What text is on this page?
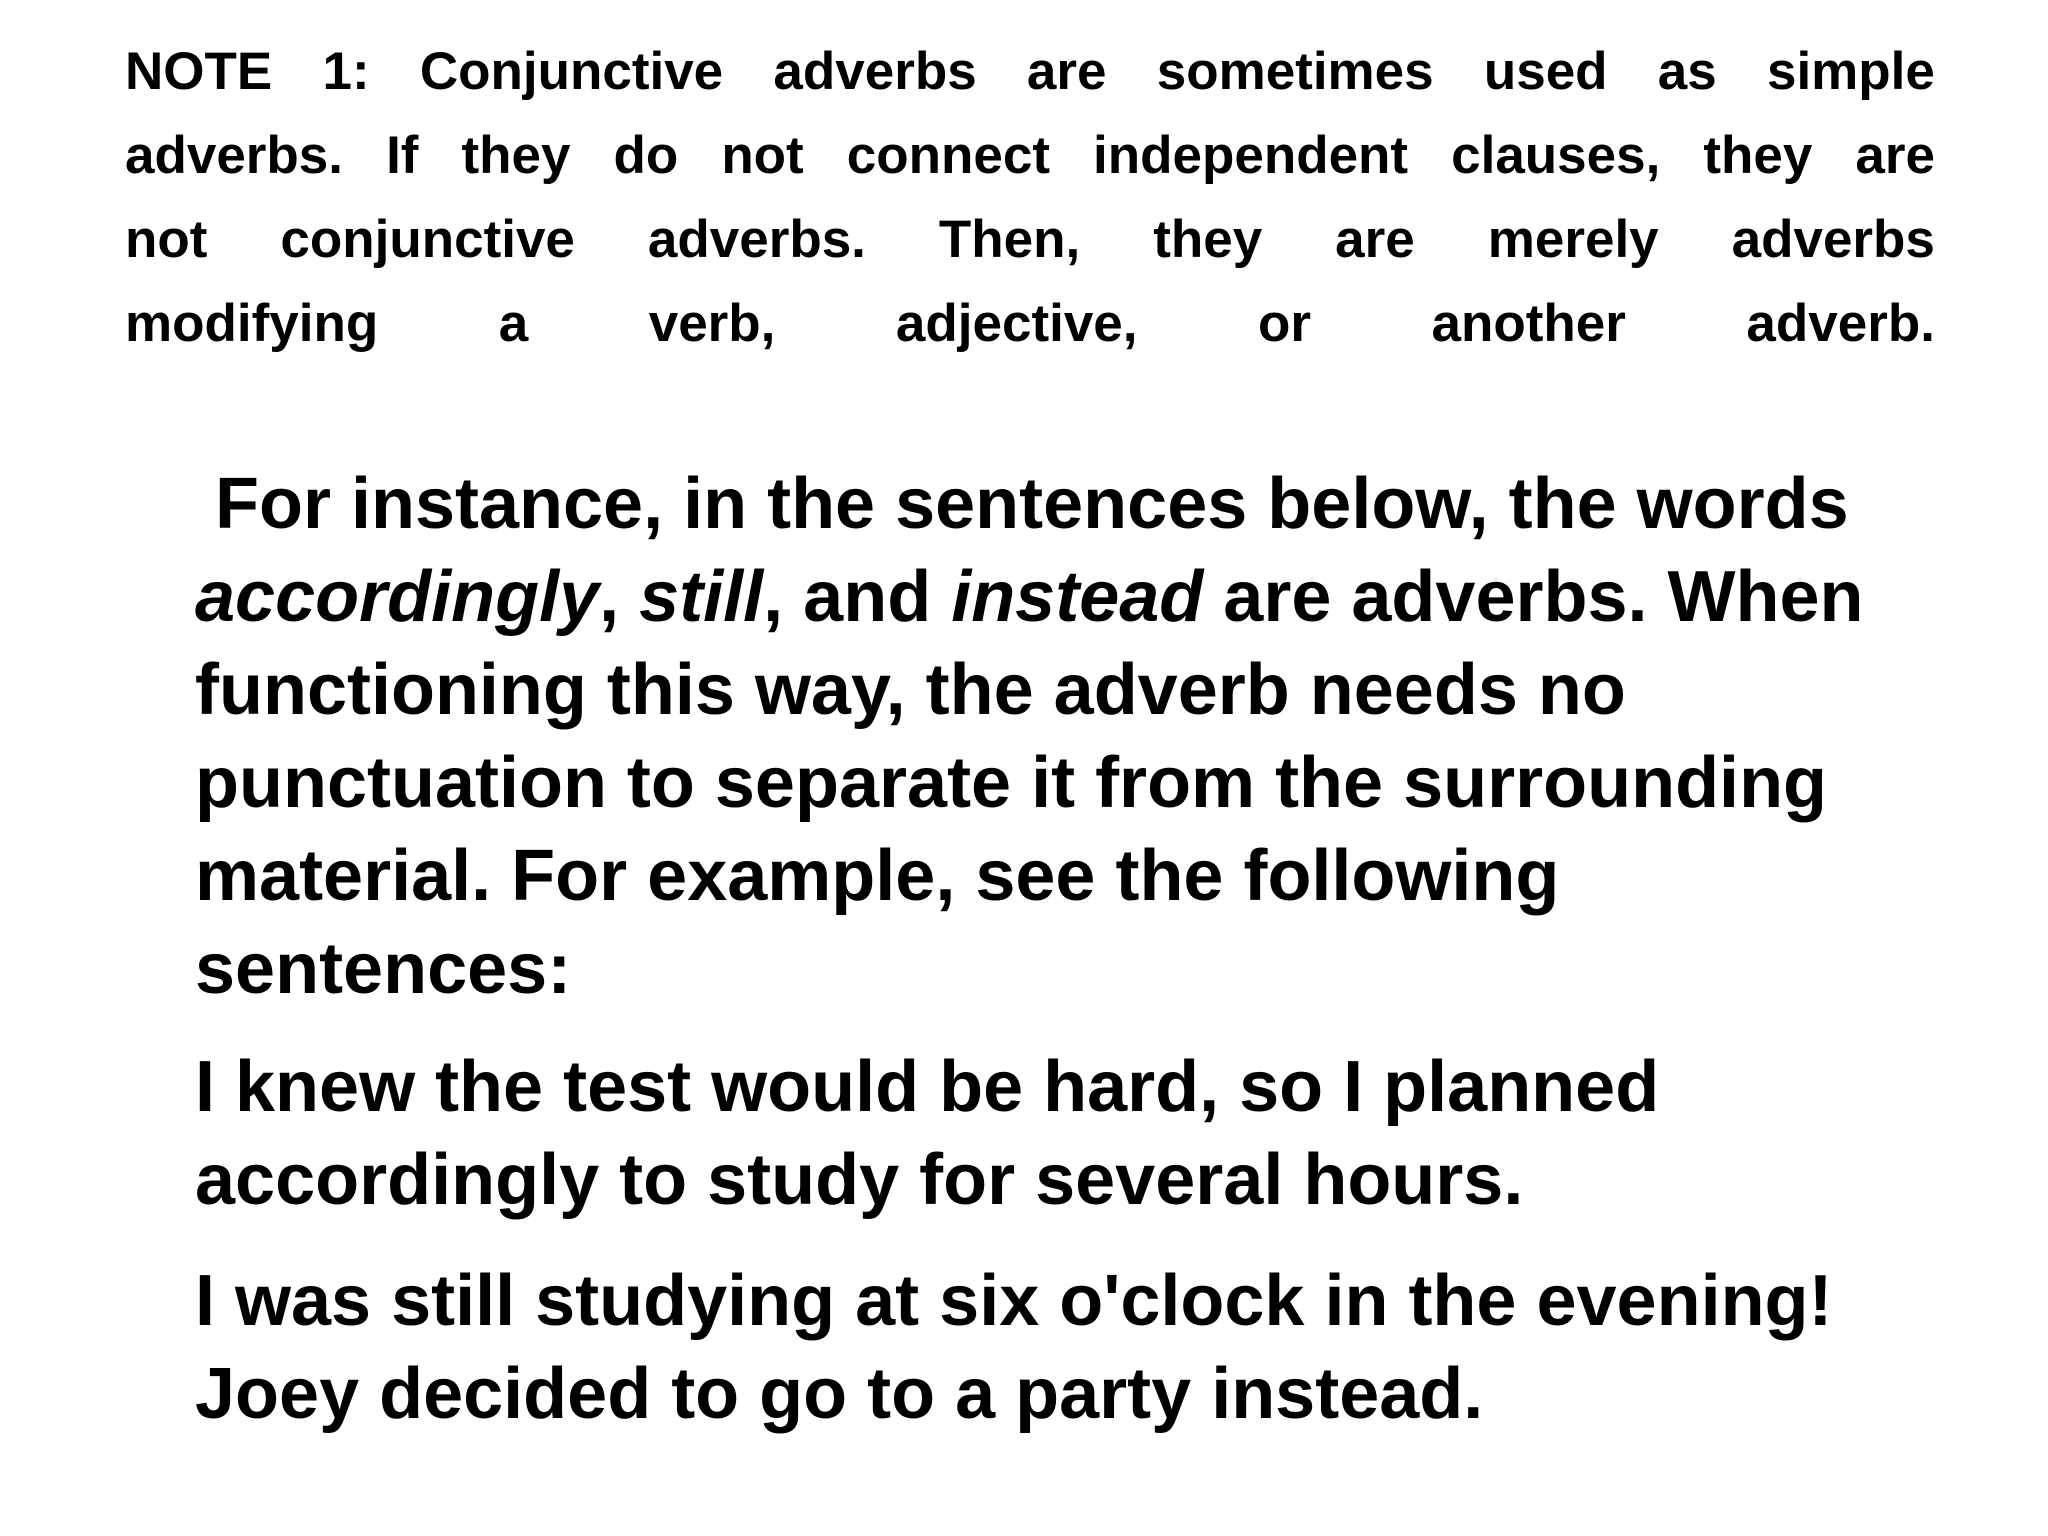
NOTE 1: Conjunctive adverbs are sometimes used as simple
adverbs. If they do not connect independent clauses, they are
not conjunctive adverbs. Then, they are merely adverbs
modifying a verb, adjective, or another adverb.
For instance, in the sentences below, the words
accordingly, still, and instead are adverbs. When
functioning this way, the adverb needs no
punctuation to separate it from the surrounding
material. For example, see the following
sentences:
I knew the test would be hard, so I planned
accordingly to study for several hours.
I was still studying at six o'clock in the evening!
Joey decided to go to a party instead.
